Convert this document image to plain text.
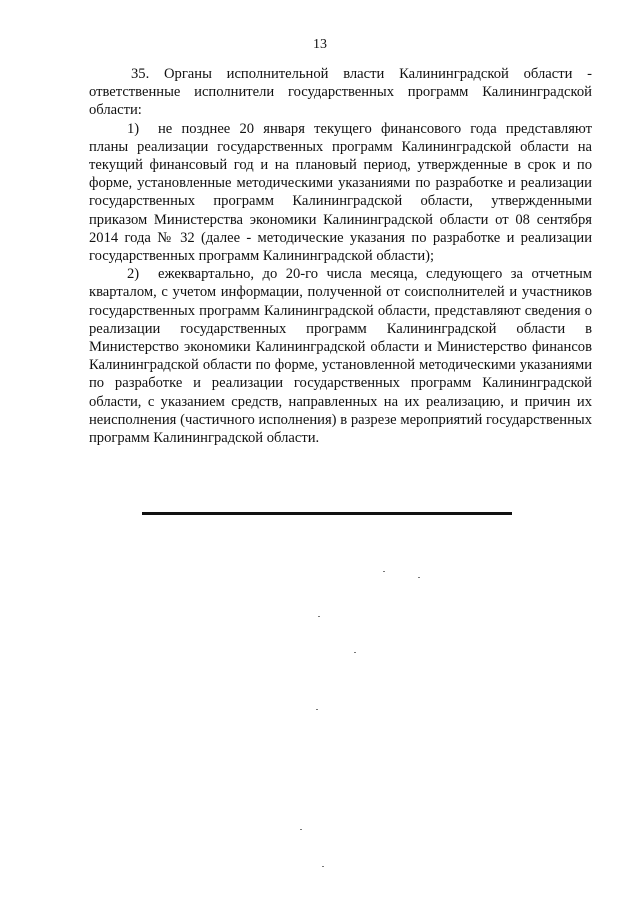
13

35. Органы исполнительной власти Калининградской области - ответственные исполнители государственных программ Калининградской области:

1) не позднее 20 января текущего финансового года представляют планы реализации государственных программ Калининградской области на текущий финансовый год и на плановый период, утвержденные в срок и по форме, установленные методическими указаниями по разработке и реализации государственных программ Калининградской области, утвержденными приказом Министерства экономики Калининградской области от 08 сентября 2014 года № 32 (далее - методические указания по разработке и реализации государственных программ Калининградской области);

2) ежеквартально, до 20-го числа месяца, следующего за отчетным кварталом, с учетом информации, полученной от соисполнителей и участников государственных программ Калининградской области, представляют сведения о реализации государственных программ Калининградской области в Министерство экономики Калининградской области и Министерство финансов Калининградской области по форме, установленной методическими указаниями по разработке и реализации государственных программ Калининградской области, с указанием средств, направленных на их реализацию, и причин их неисполнения (частичного исполнения) в разрезе мероприятий государственных программ Калининградской области.
